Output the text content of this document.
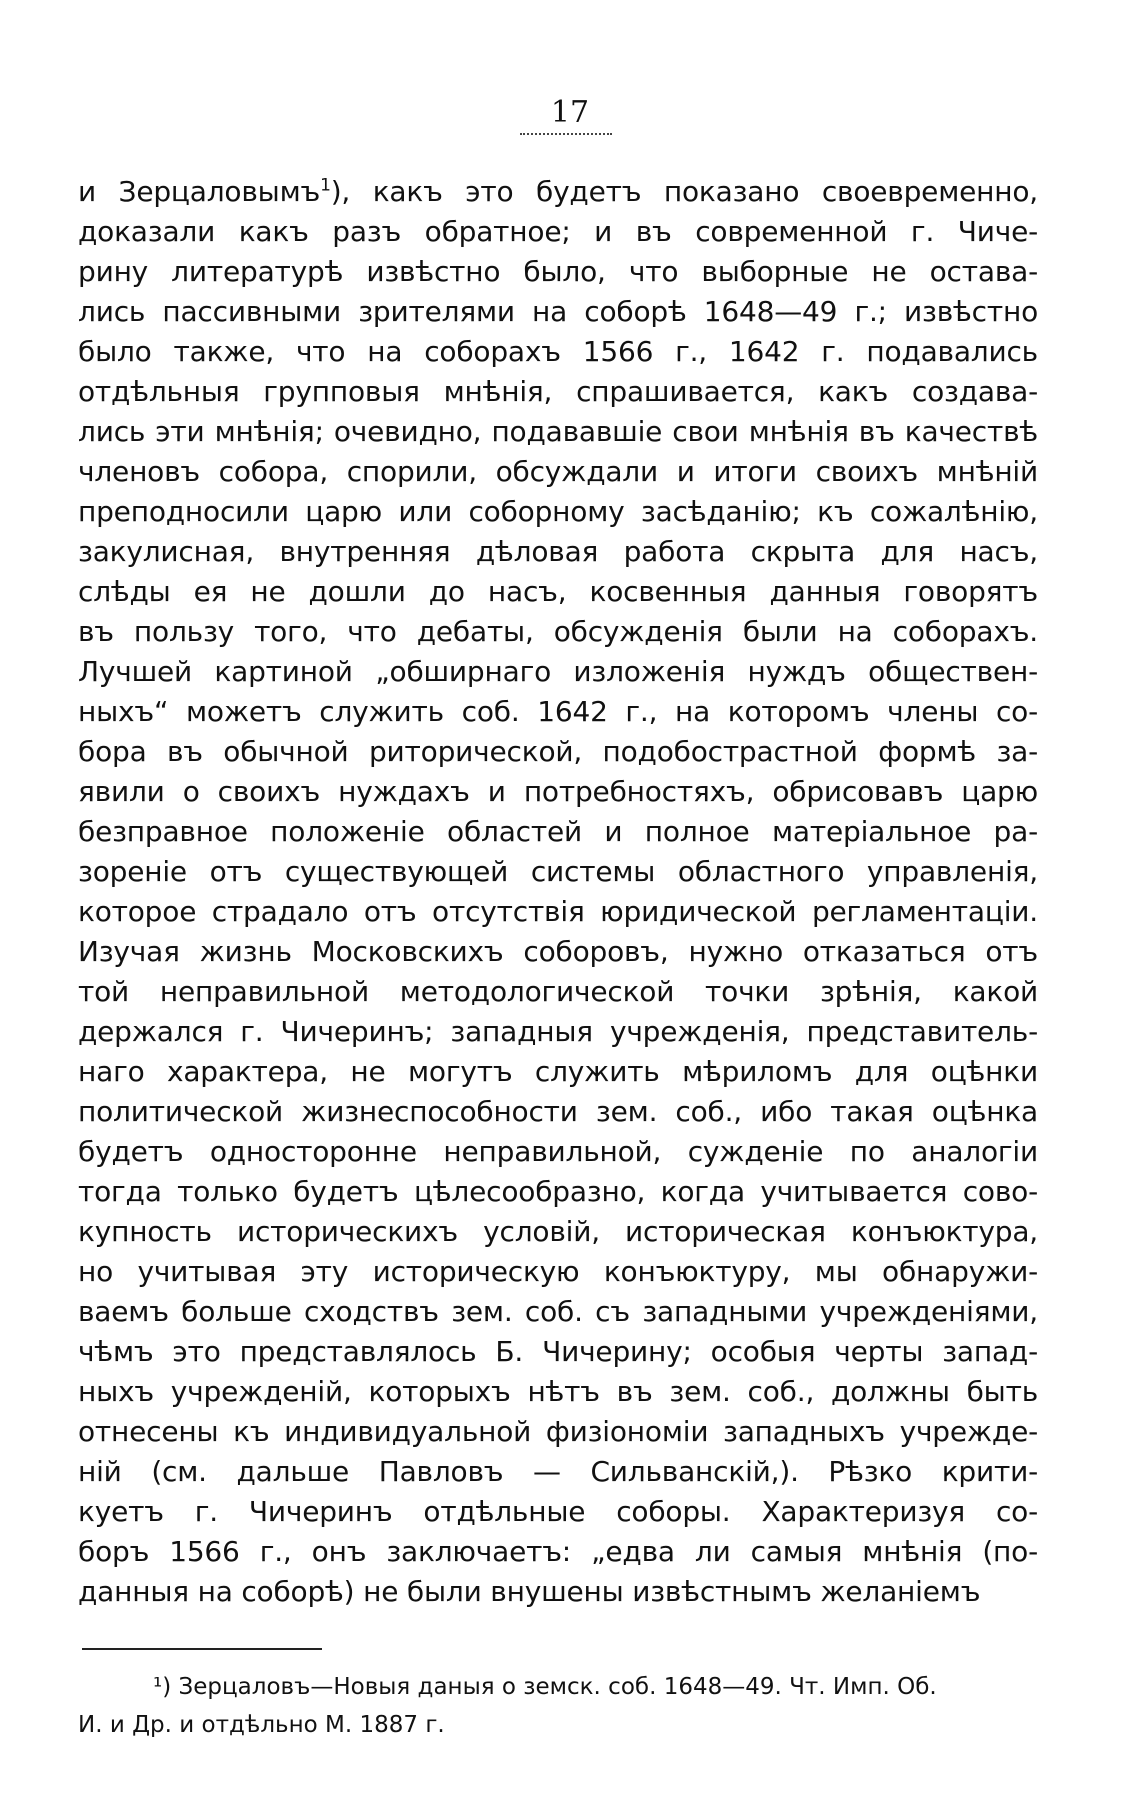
17
и Зерцаловымъ$^1$), какъ это будетъ показано своевременно,
доказали какъ разъ обратное; и въ современной г. Чиче-
рину литературѣ извѣстно было, что выборные не остава-
лись пассивными зрителями на соборѣ 1648—49 г.; извѣстно
было также, что на соборахъ 1566 г., 1642 г. подавались
отдѣльныя групповыя мнѣнія, спрашивается, какъ создава-
лись эти мнѣнія; очевидно, подававшіе свои мнѣнія въ качествѣ
членовъ собора, спорили, обсуждали и итоги своихъ мнѣній
преподносили царю или соборному засѣданію; къ сожалѣнію,
закулисная, внутренняя дѣловая работа скрыта для насъ,
слѣды ея не дошли до насъ, косвенныя данныя говорятъ
въ пользу того, что дебаты, обсужденія были на соборахъ.
Лучшей картиной „обширнаго изложенія нуждъ обществен-
ныхъ“ можетъ служить соб. 1642 г., на которомъ члены со-
бора въ обычной риторической, подобострастной формѣ за-
явили о своихъ нуждахъ и потребностяхъ, обрисовавъ царю
безправное положеніе областей и полное матеріальное ра-
зореніе отъ существующей системы областного управленія,
которое страдало отъ отсутствія юридической регламентаціи.
Изучая жизнь Московскихъ соборовъ, нужно отказаться отъ
той неправильной методологической точки зрѣнія, какой
держался г. Чичеринъ; западныя учрежденія, представитель-
наго характера, не могутъ служить мѣриломъ для оцѣнки
политической жизнеспособности зем. соб., ибо такая оцѣнка
будетъ односторонне неправильной, сужденіе по аналогіи
тогда только будетъ цѣлесообразно, когда учитывается сово-
купность историческихъ условій, историческая конъюктура,
но учитывая эту историческую конъюктуру, мы обнаружи-
ваемъ больше сходствъ зем. соб. съ западными учрежденіями,
чѣмъ это представлялось Б. Чичерину; особыя черты запад-
ныхъ учрежденій, которыхъ нѣтъ въ зем. соб., должны быть
отнесены къ индивидуальной физіономіи западныхъ учрежде-
ній (см. дальше Павловъ — Сильванскій,). Рѣзко крити-
куетъ г. Чичеринъ отдѣльные соборы. Характеризуя со-
боръ 1566 г., онъ заключаетъ: „едва ли самыя мнѣнія (по-
данныя на соборѣ) не были внушены извѣстнымъ желаніемъ
¹) Зерцаловъ—Новыя даныя о земск. соб. 1648—49. Чт. Имп. Об.
И. и Др. и отдѣльно М. 1887 г.
